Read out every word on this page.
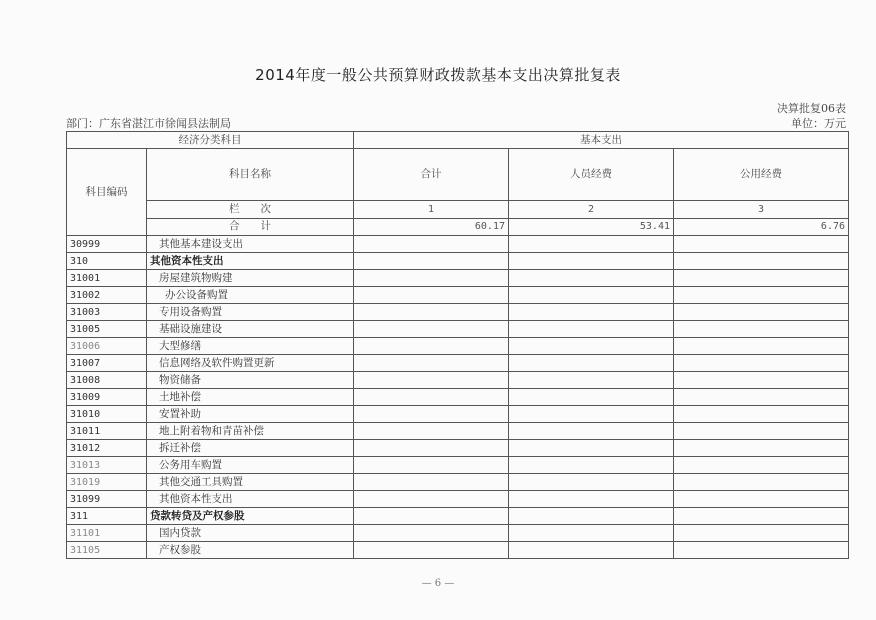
2014年度一般公共预算财政拨款基本支出决算批复表
决算批复06表
部门：广东省湛江市徐闻县法制局	单位：万元
经济分类科目		基本支出		
科目编码	科目名称	合计	人员经费	公用经费
	栏　　次	1	2	3
	合　　计	60.17	53.41	6.76
30999	其他基本建设支出			
310	其他资本性支出			
31001	房屋建筑物购建			
31002	办公设备购置			
31003	专用设备购置			
31005	基础设施建设			
31006	大型修缮			
31007	信息网络及软件购置更新			
31008	物资储备			
31009	土地补偿			
31010	安置补助			
31011	地上附着物和青苗补偿			
31012	拆迁补偿			
31013	公务用车购置			
31019	其他交通工具购置			
31099	其他资本性支出			
311	贷款转贷及产权参股			
31101	国内贷款			
31105	产权参股			
— 6 —
